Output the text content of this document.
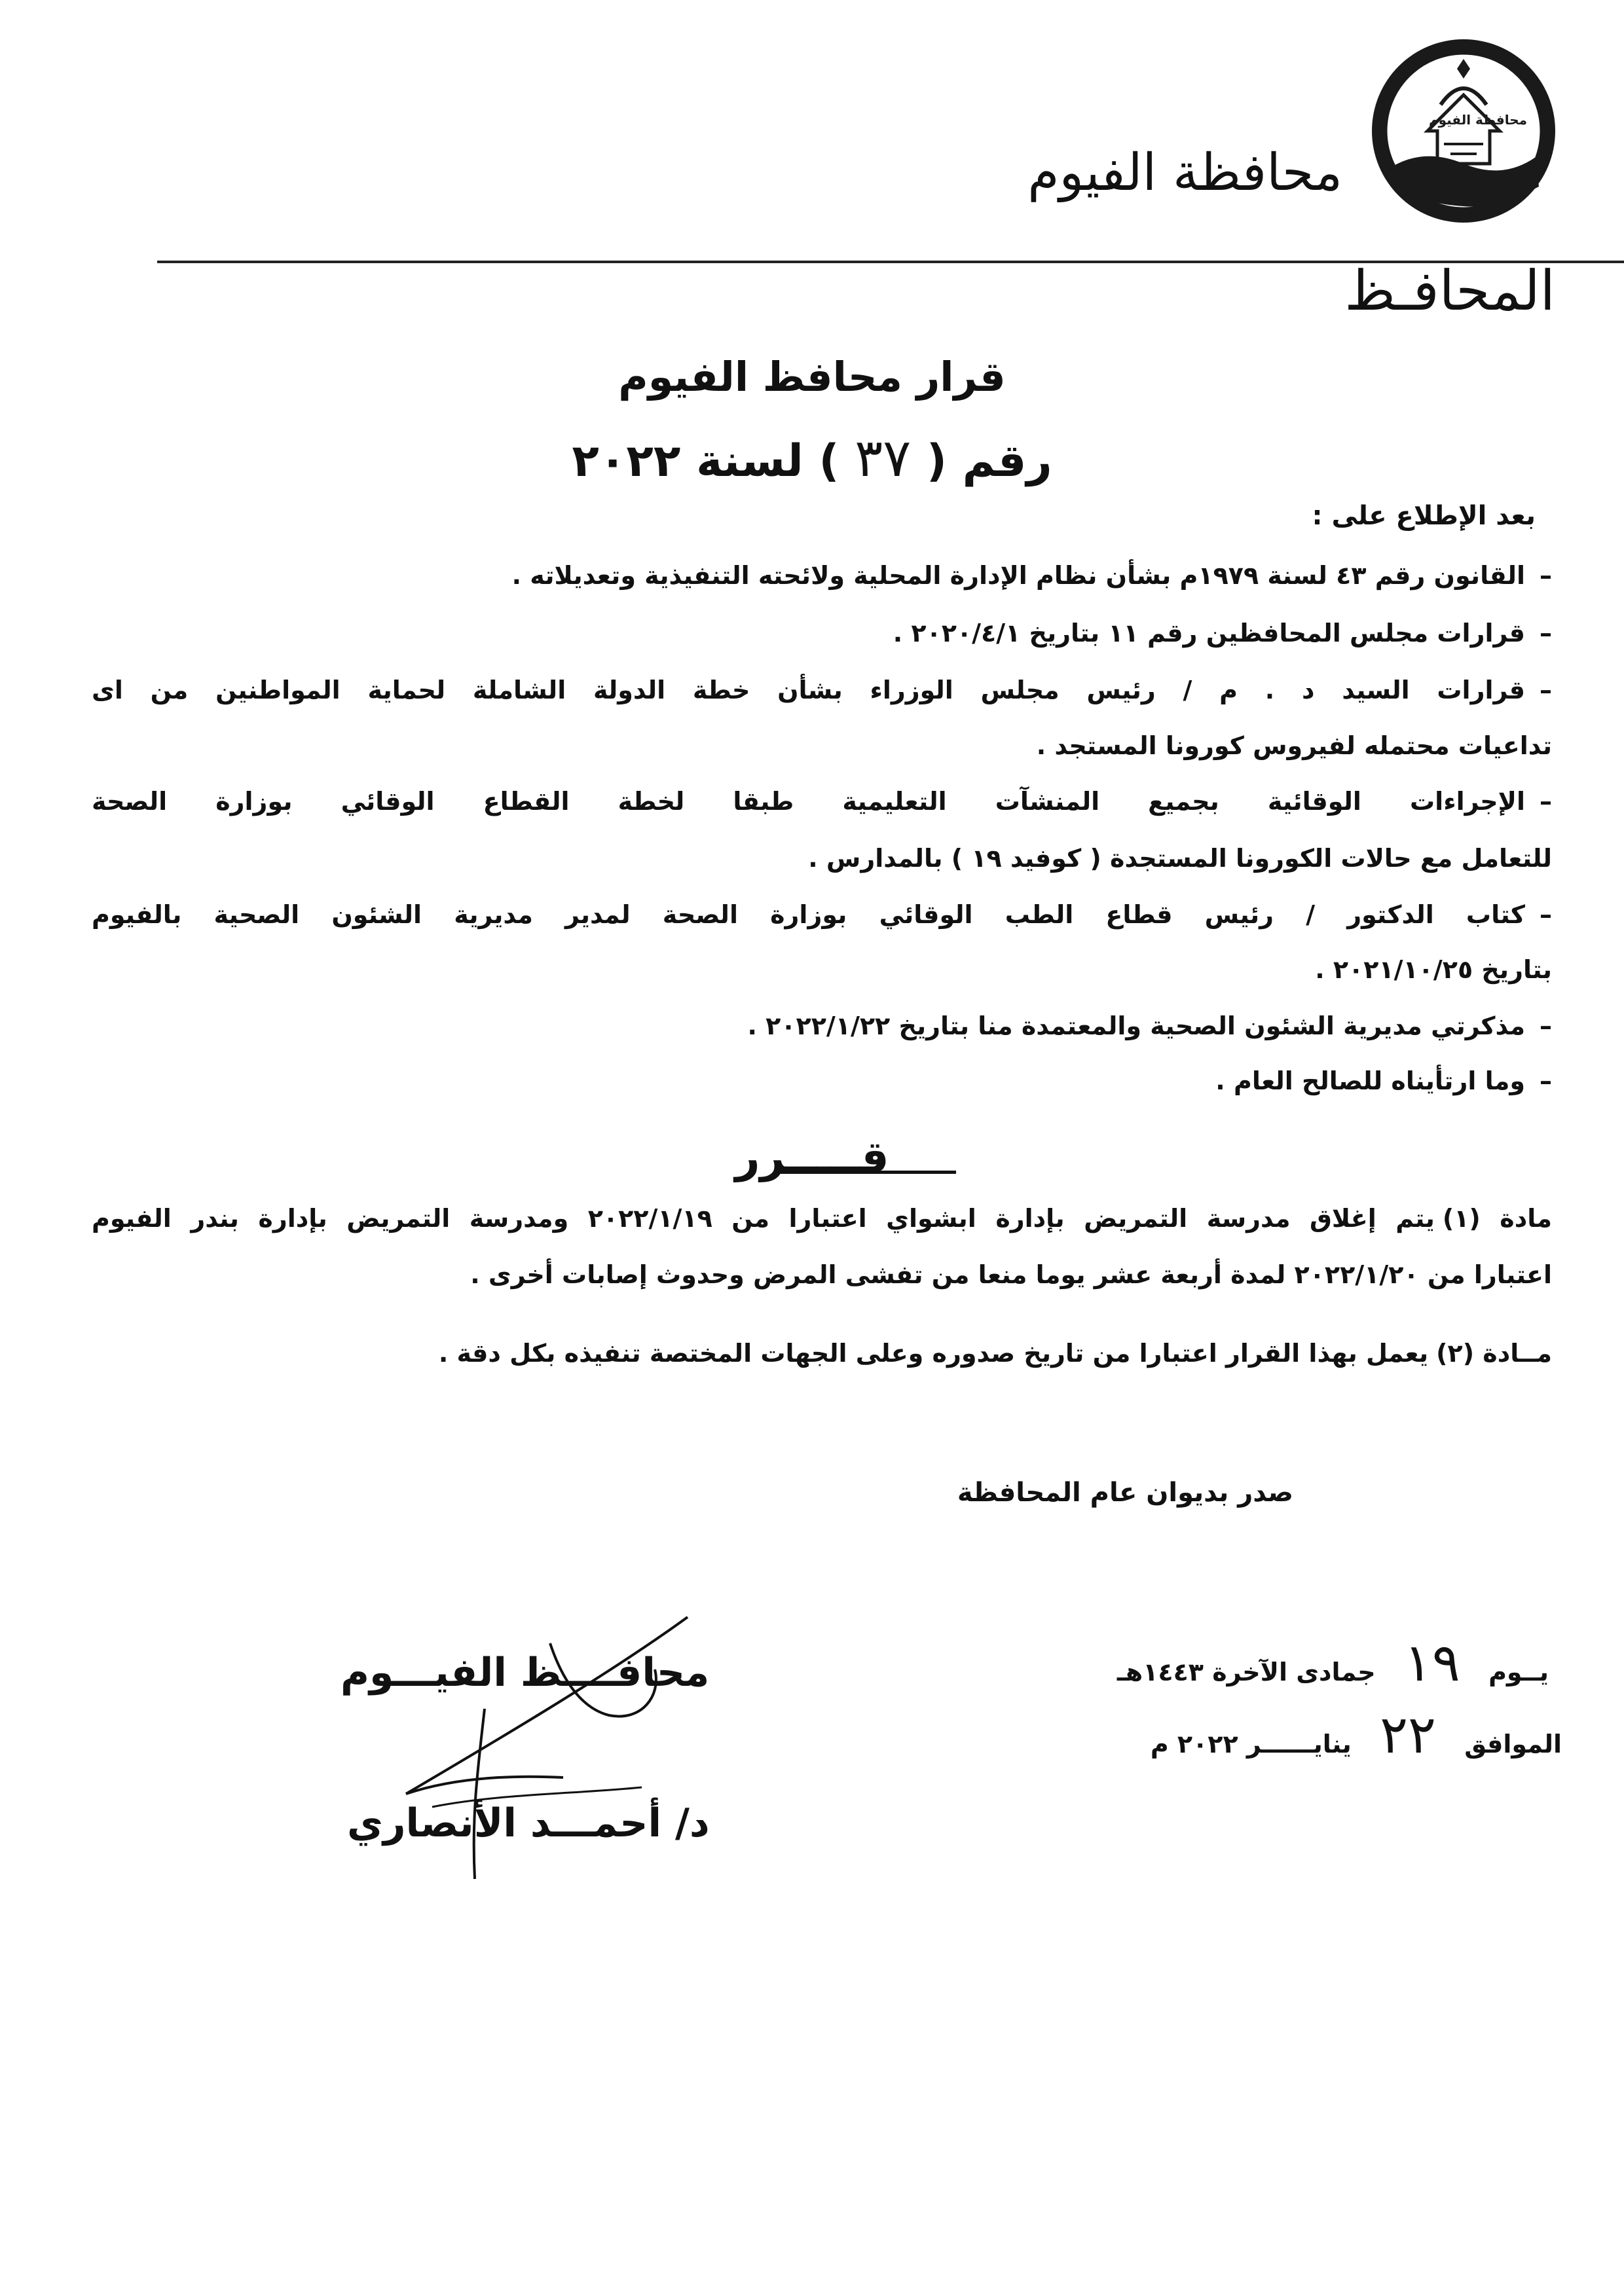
محافظة الفيوم
محافظة الفيوم
المحافـظ
قرار محافظ الفيوم
رقم ( ٣٧ ) لسنة ٢٠٢٢
بعد الإطلاع على :
–القانون رقم ٤٣ لسنة ١٩٧٩م بشأن نظام الإدارة المحلية ولائحته التنفيذية وتعديلاته .
–قرارات مجلس المحافظين رقم ١١ بتاريخ ٢٠٢٠/٤/١ .
–قرارات السيد د . م / رئيس مجلس الوزراء بشأن خطة الدولة الشاملة لحماية المواطنين من اى
تداعيات محتمله لفيروس كورونا المستجد .
–الإجراءات الوقائية بجميع المنشآت التعليمية طبقا لخطة القطاع الوقائي بوزارة الصحة
للتعامل مع حالات الكورونا المستجدة ( كوفيد ١٩ ) بالمدارس .
–كتاب الدكتور / رئيس قطاع الطب الوقائي بوزارة الصحة لمدير مديرية الشئون الصحية بالفيوم
بتاريخ ٢٠٢١/١٠/٢٥ .
–مذكرتي مديرية الشئون الصحية والمعتمدة منا بتاريخ ٢٠٢٢/١/٢٢ .
–وما ارتأيناه للصالح العام .
قـــــرر
مادة (١)يتم إغلاق مدرسة التمريض بإدارة ابشواي اعتبارا من ٢٠٢٢/١/١٩ ومدرسة التمريض بإدارة بندر الفيوم
اعتبارا من ٢٠٢٢/١/٢٠ لمدة أربعة عشر يوما منعا من تفشى المرض وحدوث إصابات أخرى .
مــادة (٢)يعمل بهذا القرار اعتبارا من تاريخ صدوره وعلى الجهات المختصة تنفيذه بكل دقة .
صدر بديوان عام المحافظة
يــوم ١٩ جمادى الآخرة ١٤٤٣هـ
الموافق ٢٢ ينايــــــر ٢٠٢٢ م
محافــــظ الفيـــوم
د/ أحمـــد الأنصاري
